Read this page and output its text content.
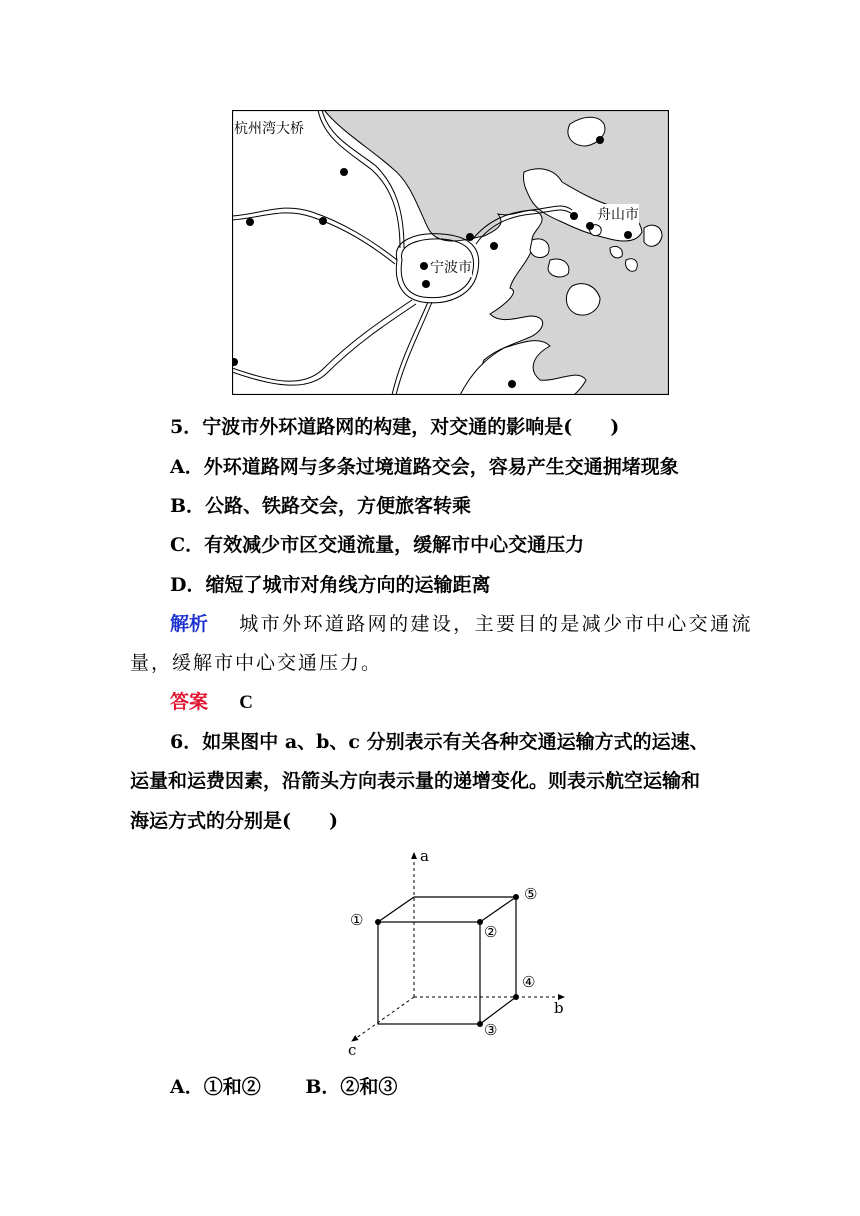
杭州湾大桥
舟山市
宁波市
5．宁波市外环道路网的构建，对交通的影响是(　　)
A．外环道路网与多条过境道路交会，容易产生交通拥堵现象
B．公路、铁路交会，方便旅客转乘
C．有效减少市区交通流量，缓解市中心交通压力
D．缩短了城市对角线方向的运输距离
解析 城市外环道路网的建设，主要目的是减少市中心交通流
量，缓解市中心交通压力。
答案 C
6．如果图中 a、b、c 分别表示有关各种交通运输方式的运速、
运量和运费因素，沿箭头方向表示量的递增变化。则表示航空运输和
海运方式的分别是(　　)
a
b
c
①
②
③
④
⑤
A．①和②　　 B．②和③
